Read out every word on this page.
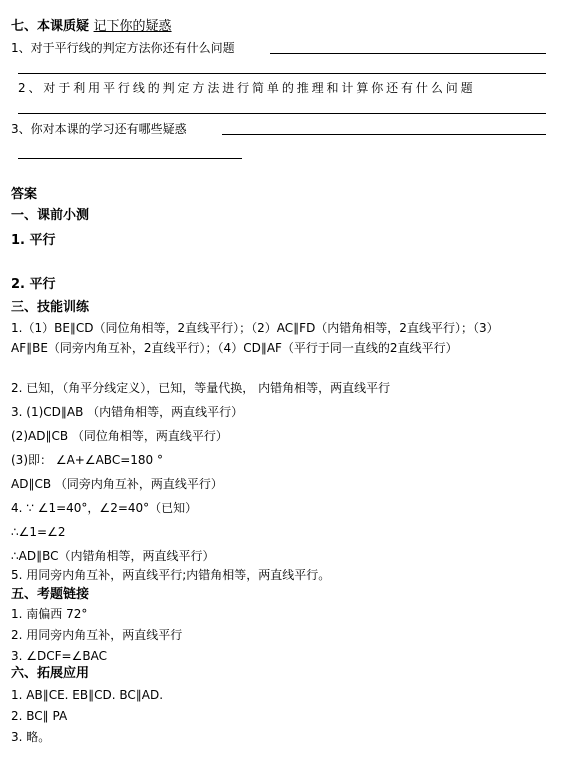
七、本课质疑 记下你的疑惑
1、对于平行线的判定方法你还有什么问题
2、对于利用平行线的判定方法进行简单的推理和计算你还有什么问题
3、你对本课的学习还有哪些疑惑
答案
一、课前小测
1. 平行
2. 平行
三、技能训练
1.（1）BE∥CD（同位角相等，2直线平行）；（2）AC∥FD（内错角相等，2直线平行）；（3）
AF∥BE（同旁内角互补，2直线平行）；（4）CD∥AF（平行于同一直线的2直线平行）
2. 已知，（角平分线定义），已知，等量代换， 内错角相等，两直线平行
3. (1)CD∥AB （内错角相等，两直线平行）
(2)AD∥CB （同位角相等，两直线平行）
(3)即： ∠A+∠ABC=180 °
AD∥CB （同旁内角互补，两直线平行）
4. ∵ ∠1=40°，∠2=40°（已知）
∴∠1=∠2
∴AD∥BC（内错角相等，两直线平行）
5. 用同旁内角互补，两直线平行;内错角相等，两直线平行。
五、考题链接
1. 南偏西 72°
2. 用同旁内角互补，两直线平行
3. ∠DCF=∠BAC
六、拓展应用
1. AB∥CE. EB∥CD. BC∥AD.
2. BC∥ PA
3. 略。
